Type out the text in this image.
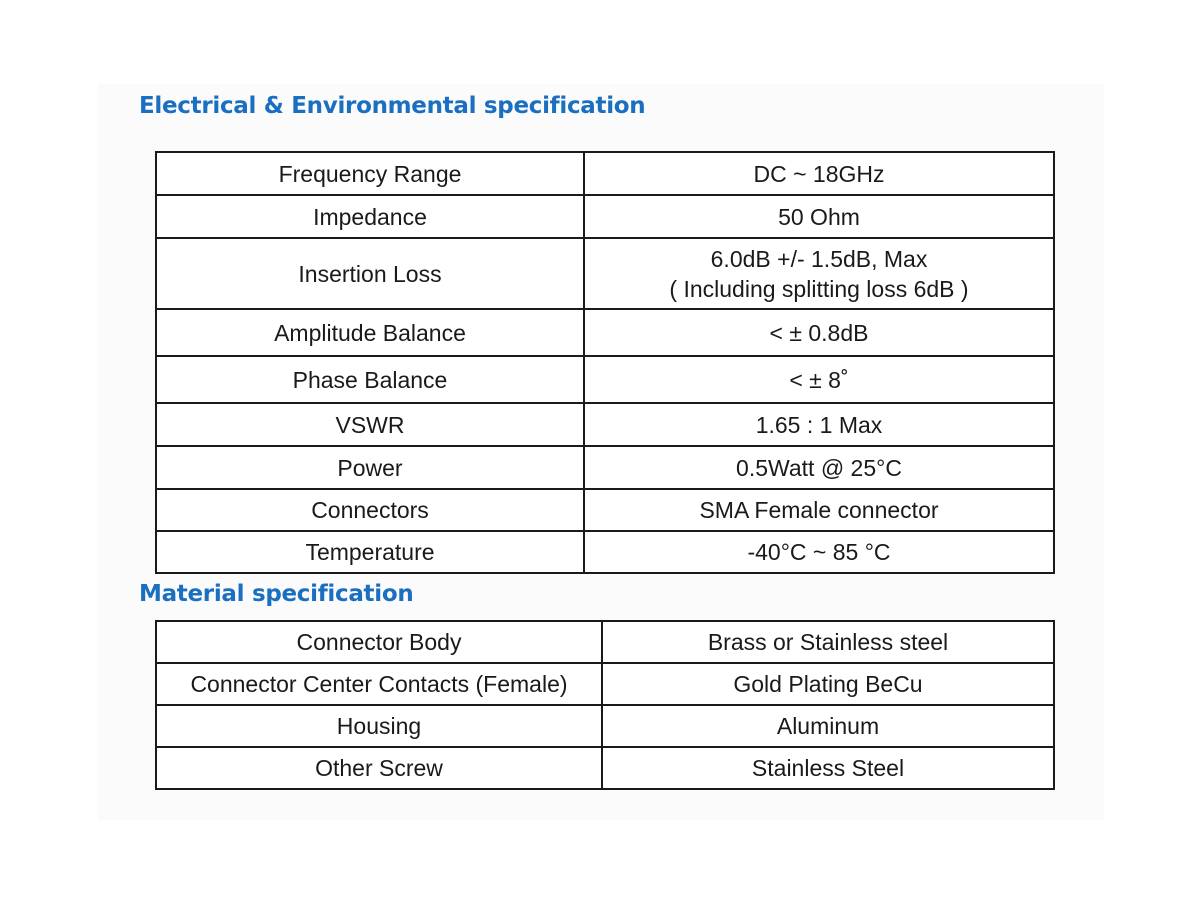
Electrical & Environmental specification
Frequency Range	DC ~ 18GHz

Impedance	50 Ohm

Insertion Loss	6.0dB +/- 1.5dB, Max
( Including splitting loss 6dB )

Amplitude Balance	< ± 0.8dB

Phase Balance	< ± 8˚

VSWR	1.65 : 1 Max

Power	0.5Watt @ 25°C

Connectors	SMA Female connector

Temperature	-40°C ~ 85 °C
Material specification
Connector Body	Brass or Stainless steel

Connector Center Contacts (Female)	Gold Plating BeCu

Housing	Aluminum

Other Screw	Stainless Steel
